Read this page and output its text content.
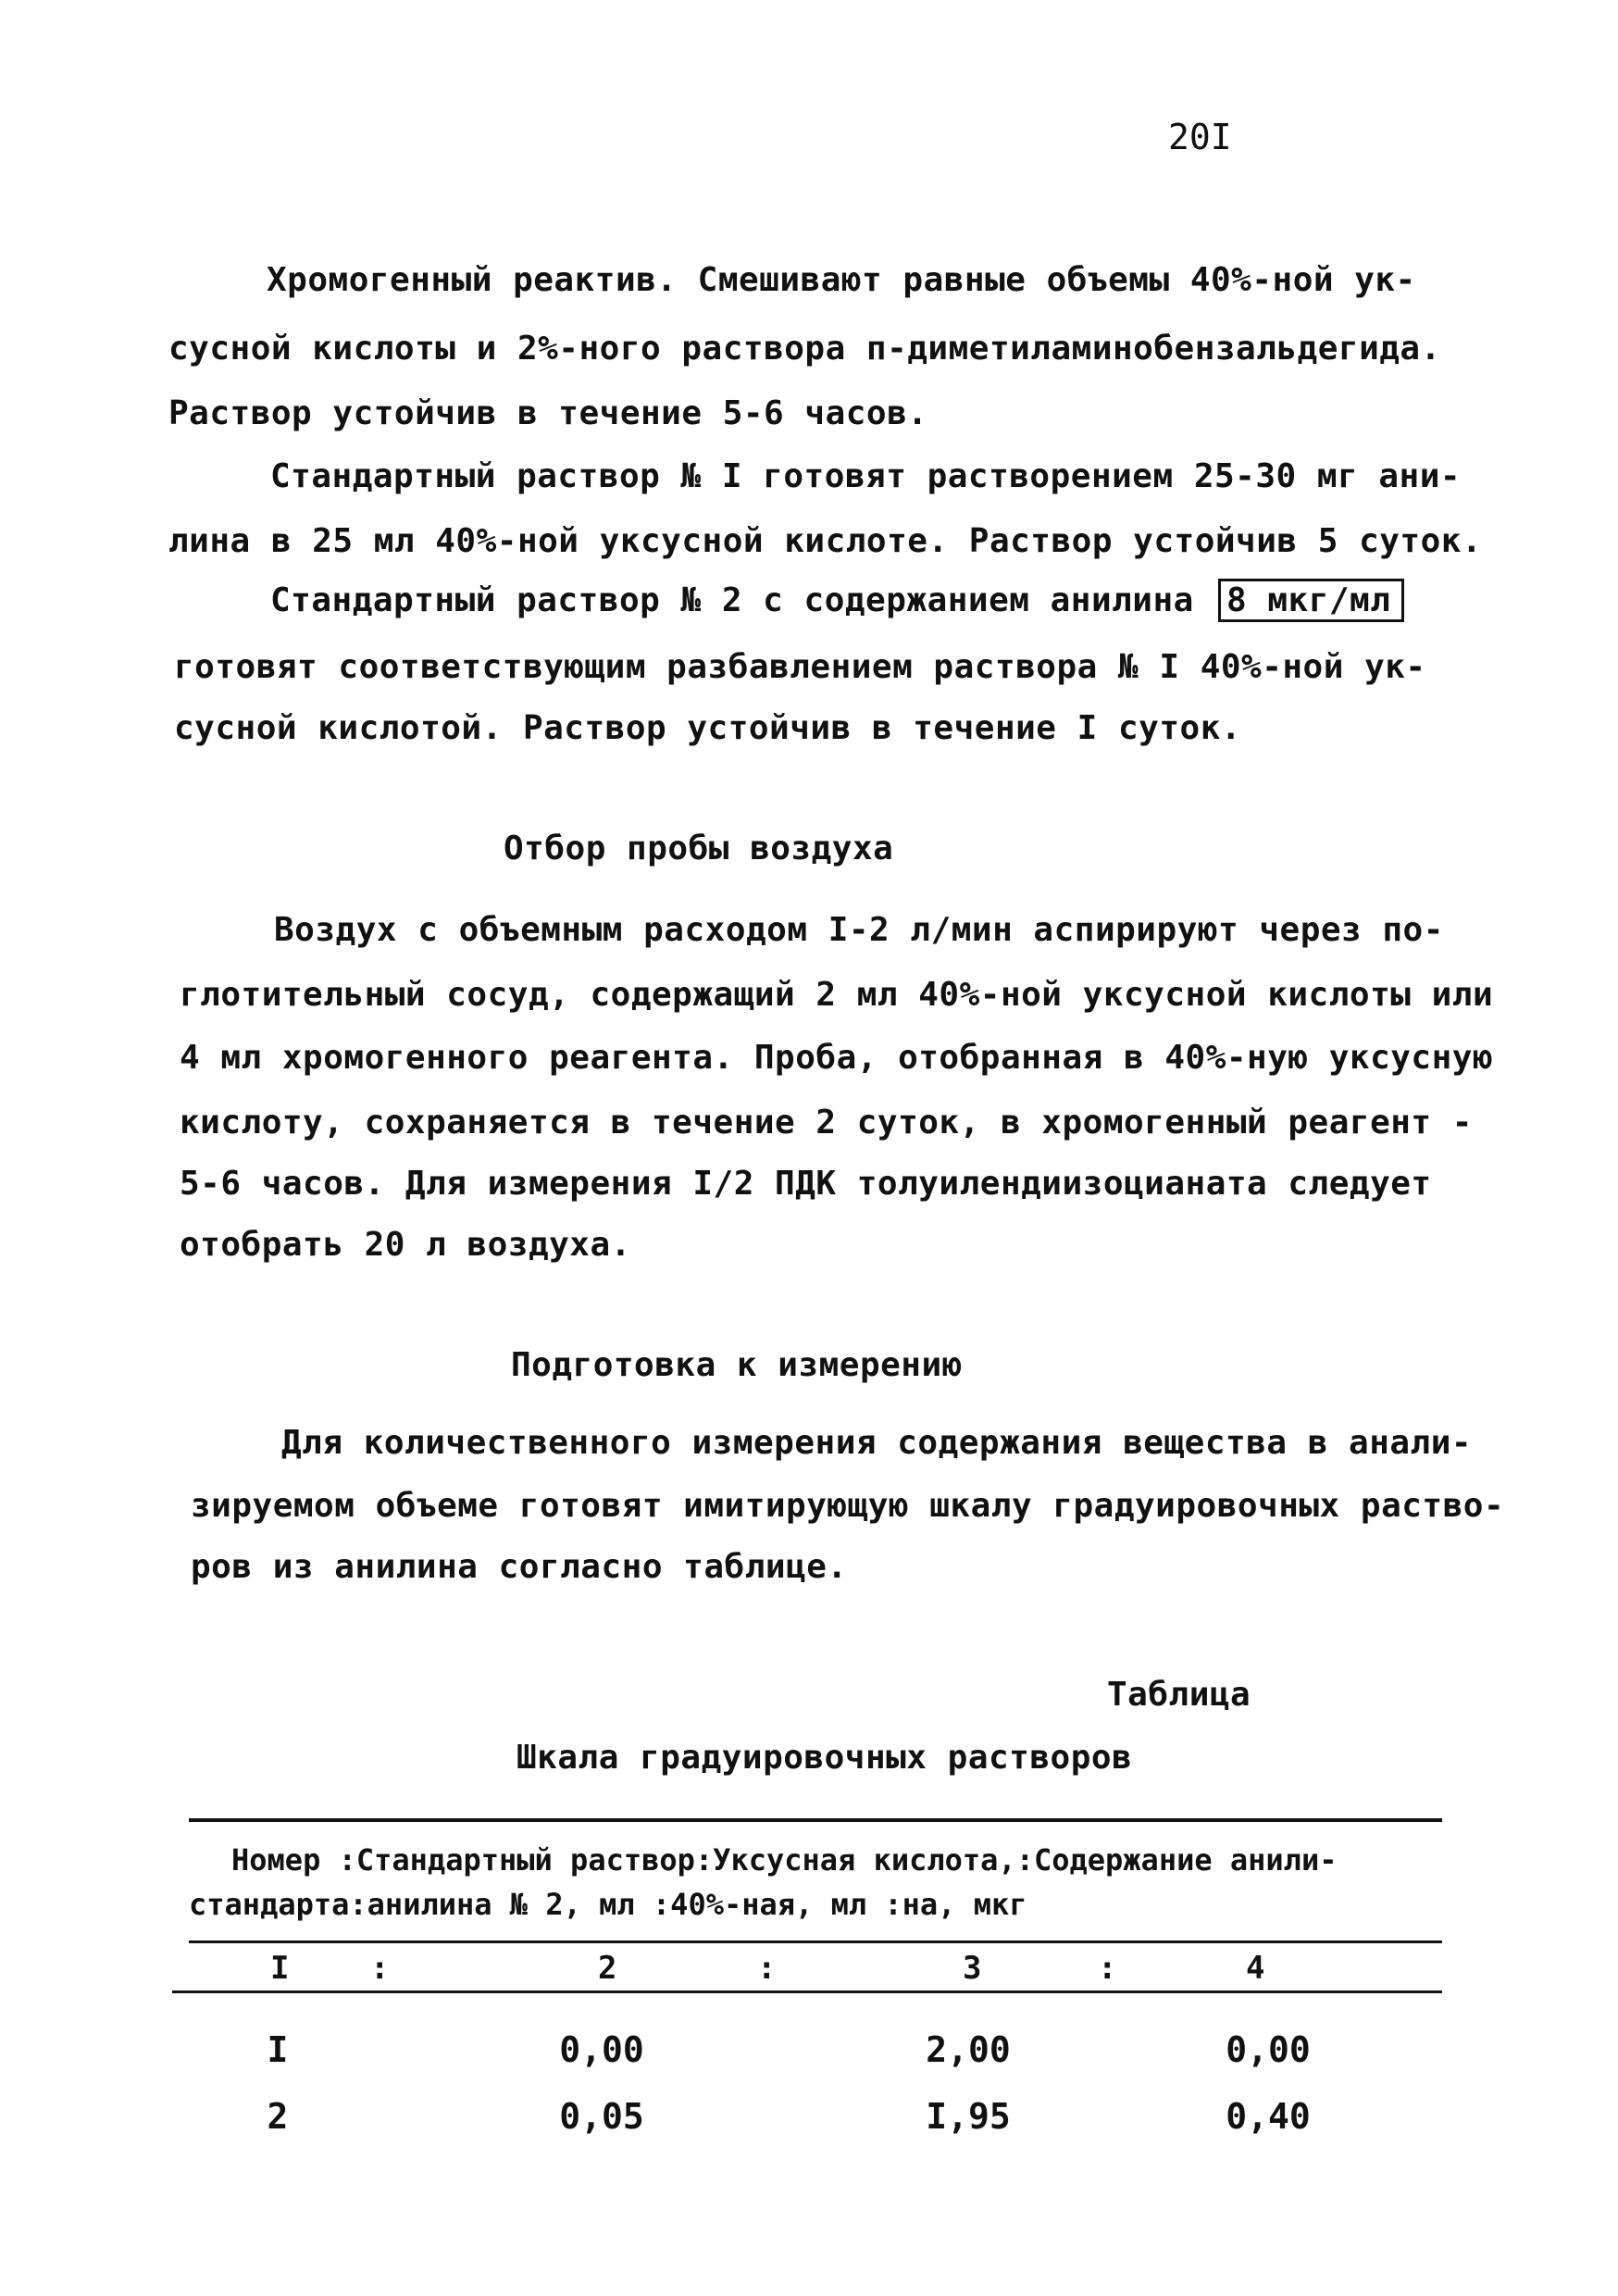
20I
Хромогенный реактив. Смешивают равные объемы 40%-ной ук-
сусной кислоты и 2%-ного раствора п-диметиламинобензальдегида.
Раствор устойчив в течение 5-6 часов.
Стандартный раствор № I готовят растворением 25-30 мг ани-
лина в 25 мл 40%-ной уксусной кислоте. Раствор устойчив 5 суток.
Стандартный раствор № 2 с содержанием анилина 8 мкг/мл
готовят соответствующим разбавлением раствора № I 40%-ной ук-
сусной кислотой. Раствор устойчив в течение I суток.
Отбор пробы воздуха
Воздух с объемным расходом I-2 л/мин аспирируют через по-
глотительный сосуд, содержащий 2 мл 40%-ной уксусной кислоты или
4 мл хромогенного реагента. Проба, отобранная в 40%-ную уксусную
кислоту, сохраняется в течение 2 суток, в хромогенный реагент -
5-6 часов. Для измерения I/2 ПДК толуилендиизоцианата следует
отобрать 20 л воздуха.
Подготовка к измерению
Для количественного измерения содержания вещества в анали-
зируемом объеме готовят имитирующую шкалу градуировочных раство-
ров из анилина согласно таблице.
Таблица
Шкала градуировочных растворов
Номер :Стандартный раствор:Уксусная кислота,:Содержание анили-
стандарта:анилина № 2, мл :40%-ная, мл :на, мкг
I	:	2	:	3	:	4
I	0,00	2,00	0,00
2	0,05	I,95	0,40
